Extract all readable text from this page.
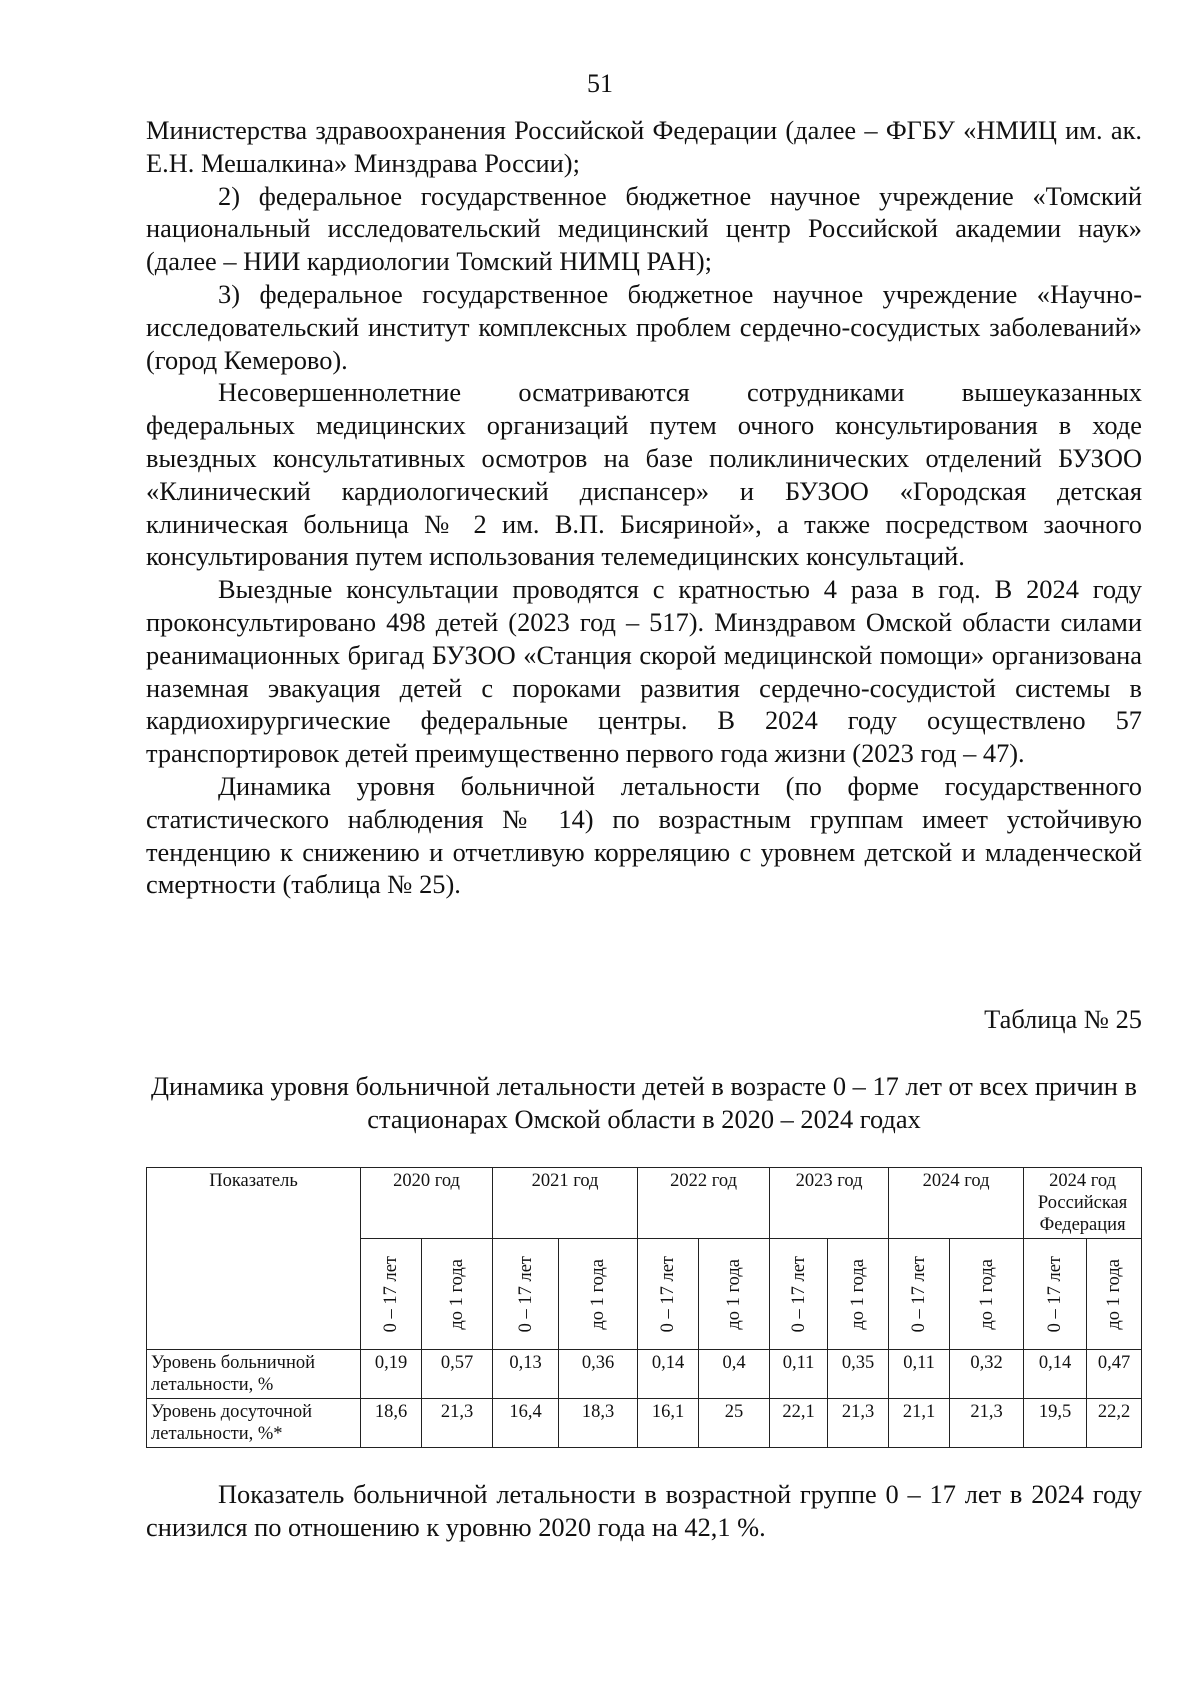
51

Министерства здравоохранения Российской Федерации (далее – ФГБУ «НМИЦ им. ак. Е.Н. Мешалкина» Минздрава России);

2) федеральное государственное бюджетное научное учреждение «Томский национальный исследовательский медицинский центр Российской академии наук» (далее – НИИ кардиологии Томский НИМЦ РАН);

3) федеральное государственное бюджетное научное учреждение «Научно-исследовательский институт комплексных проблем сердечно-сосудистых заболеваний» (город Кемерово).

Несовершеннолетние осматриваются сотрудниками вышеуказанных федеральных медицинских организаций путем очного консультирования в ходе выездных консультативных осмотров на базе поликлинических отделений БУЗОО «Клинический кардиологический диспансер» и БУЗОО «Городская детская клиническая больница № 2 им. В.П. Бисяриной», а также посредством заочного консультирования путем использования телемедицинских консультаций.

Выездные консультации проводятся с кратностью 4 раза в год. В 2024 году проконсультировано 498 детей (2023 год – 517). Минздравом Омской области силами реанимационных бригад БУЗОО «Станция скорой медицинской помощи» организована наземная эвакуация детей с пороками развития сердечно-сосудистой системы в кардиохирургические федеральные центры. В 2024 году осуществлено 57 транспортировок детей преимущественно первого года жизни (2023 год – 47).

Динамика уровня больничной летальности (по форме государственного статистического наблюдения № 14) по возрастным группам имеет устойчивую тенденцию к снижению и отчетливую корреляцию с уровнем детской и младенческой смертности (таблица № 25).

Таблица № 25
Динамика уровня больничной летальности детей в возрасте 0 – 17 лет от всех причин в стационарах Омской области в 2020 – 2024 годах
Показатель	2020 год		2021 год		2022 год		2023 год		2024 год		2024 год Российская Федерация	

	0 – 17 лет	до 1 года	0 – 17 лет	до 1 года	0 – 17 лет	до 1 года	0 – 17 лет	до 1 года	0 – 17 лет	до 1 года	0 – 17 лет	до 1 года

Уровень больничной летальности, %	0,19	0,57	0,13	0,36	0,14	0,4	0,11	0,35	0,11	0,32	0,14	0,47
Уровень досуточной летальности, %*	18,6	21,3	16,4	18,3	16,1	25	22,1	21,3	21,1	21,3	19,5	22,2

Показатель больничной летальности в возрастной группе 0 – 17 лет в 2024 году снизился по отношению к уровню 2020 года на 42,1 %.
